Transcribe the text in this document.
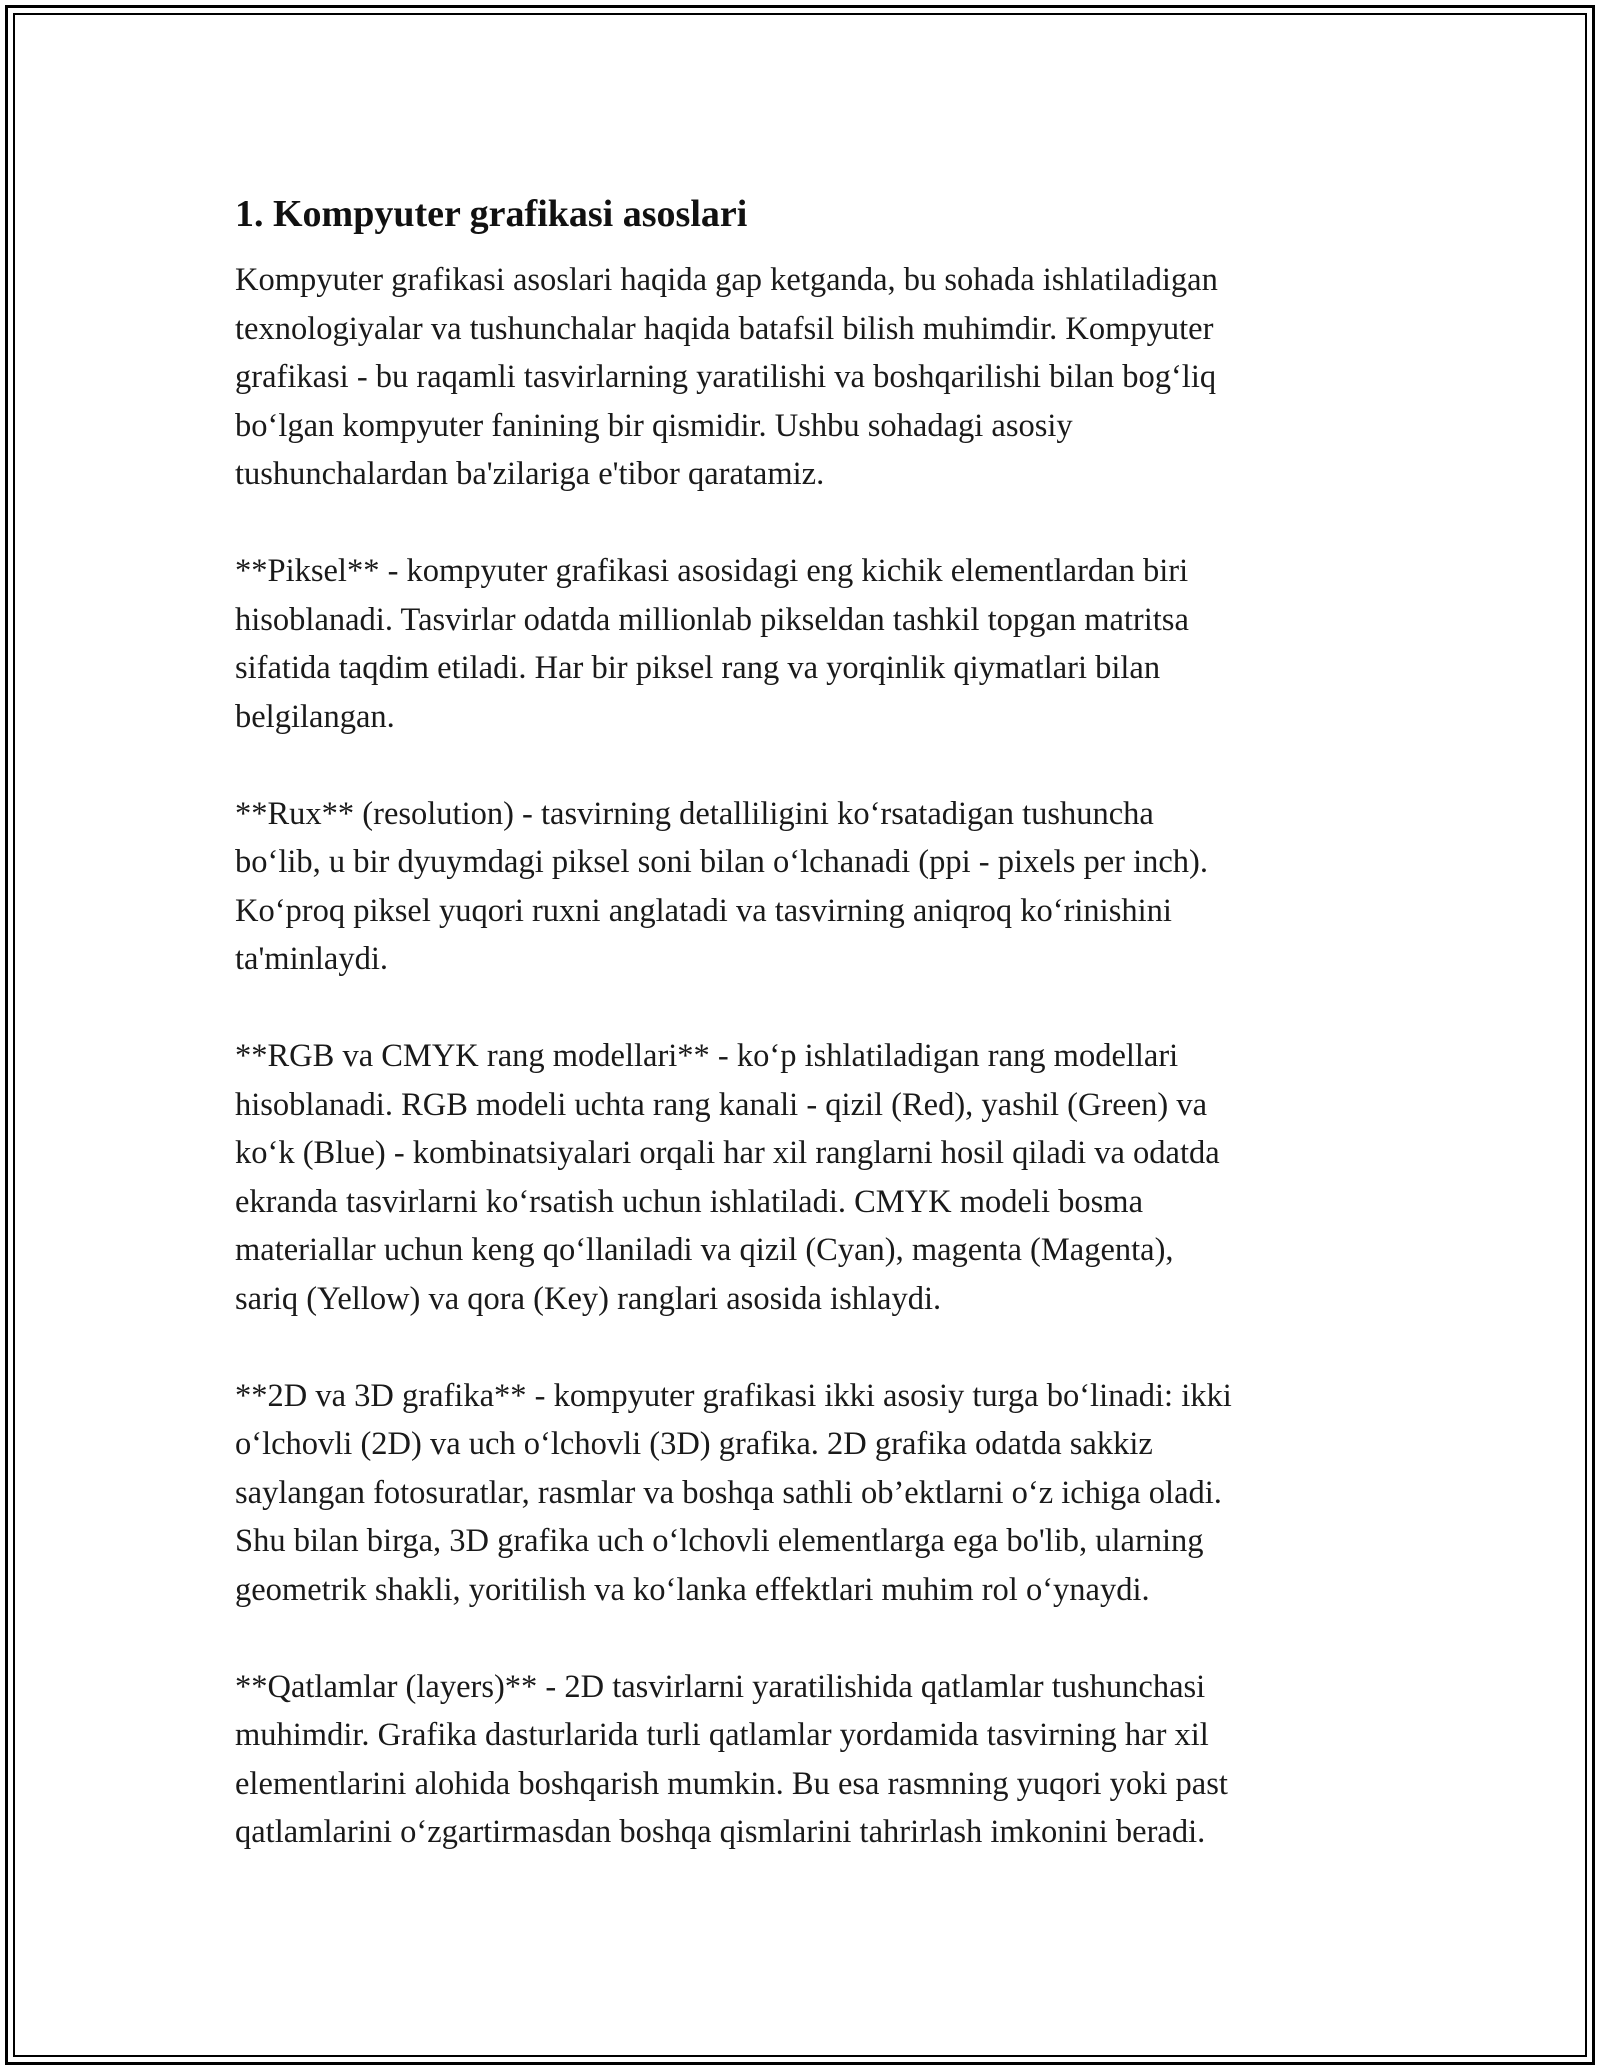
1. Kompyuter grafikasi asoslari

Kompyuter grafikasi asoslari haqida gap ketganda, bu sohada ishlatiladigan
texnologiyalar va tushunchalar haqida batafsil bilish muhimdir. Kompyuter
grafikasi - bu raqamli tasvirlarning yaratilishi va boshqarilishi bilan bog‘liq
bo‘lgan kompyuter fanining bir qismidir. Ushbu sohadagi asosiy
tushunchalardan ba'zilariga e'tibor qaratamiz.

**Piksel** - kompyuter grafikasi asosidagi eng kichik elementlardan biri
hisoblanadi. Tasvirlar odatda millionlab pikseldan tashkil topgan matritsa
sifatida taqdim etiladi. Har bir piksel rang va yorqinlik qiymatlari bilan
belgilangan.

**Rux** (resolution) - tasvirning detalliligini ko‘rsatadigan tushuncha
bo‘lib, u bir dyuymdagi piksel soni bilan o‘lchanadi (ppi - pixels per inch).
Ko‘proq piksel yuqori ruxni anglatadi va tasvirning aniqroq ko‘rinishini
ta'minlaydi.

**RGB va CMYK rang modellari** - ko‘p ishlatiladigan rang modellari
hisoblanadi. RGB modeli uchta rang kanali - qizil (Red), yashil (Green) va
ko‘k (Blue) - kombinatsiyalari orqali har xil ranglarni hosil qiladi va odatda
ekranda tasvirlarni ko‘rsatish uchun ishlatiladi. CMYK modeli bosma
materiallar uchun keng qo‘llaniladi va qizil (Cyan), magenta (Magenta),
sariq (Yellow) va qora (Key) ranglari asosida ishlaydi.

**2D va 3D grafika** - kompyuter grafikasi ikki asosiy turga bo‘linadi: ikki
o‘lchovli (2D) va uch o‘lchovli (3D) grafika. 2D grafika odatda sakkiz
saylangan fotosuratlar, rasmlar va boshqa sathli ob’ektlarni o‘z ichiga oladi.
Shu bilan birga, 3D grafika uch o‘lchovli elementlarga ega bo'lib, ularning
geometrik shakli, yoritilish va ko‘lanka effektlari muhim rol o‘ynaydi.

**Qatlamlar (layers)** - 2D tasvirlarni yaratilishida qatlamlar tushunchasi
muhimdir. Grafika dasturlarida turli qatlamlar yordamida tasvirning har xil
elementlarini alohida boshqarish mumkin. Bu esa rasmning yuqori yoki past
qatlamlarini o‘zgartirmasdan boshqa qismlarini tahrirlash imkonini beradi.
